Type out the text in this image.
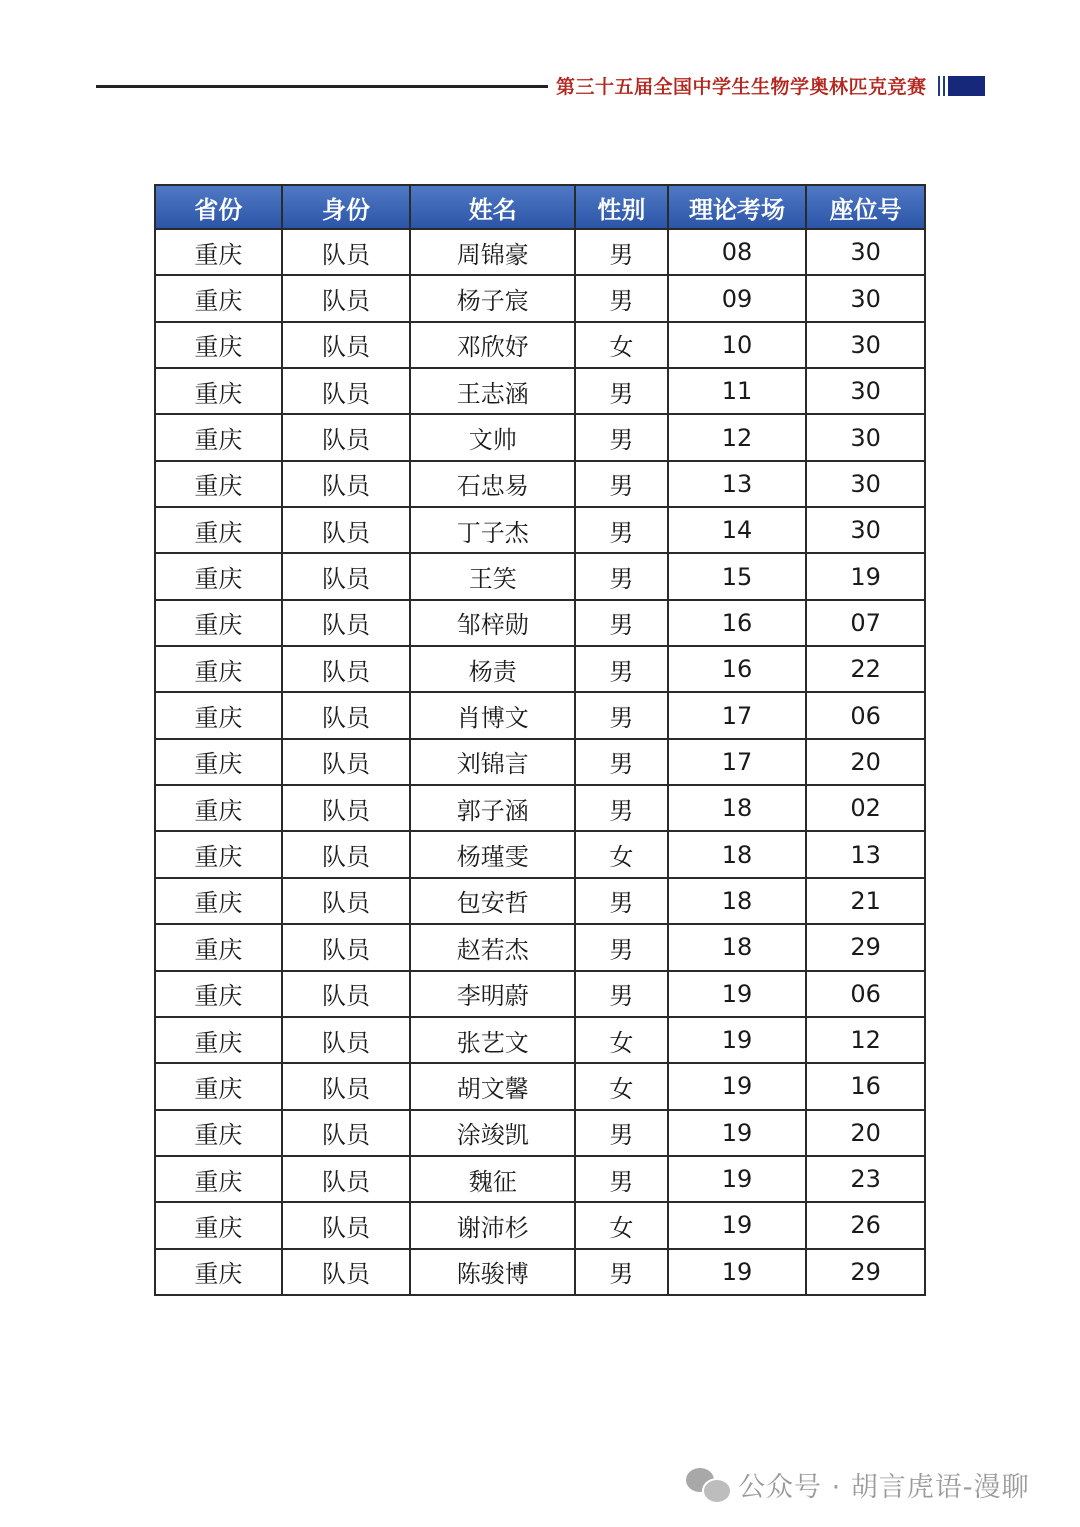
第三十五届全国中学生生物学奥林匹克竞赛
省份	身份	姓名	性别	理论考场	座位号
重庆	队员	周锦豪	男	08	30
重庆	队员	杨子宸	男	09	30
重庆	队员	邓欣妤	女	10	30
重庆	队员	王志涵	男	11	30
重庆	队员	文帅	男	12	30
重庆	队员	石忠易	男	13	30
重庆	队员	丁子杰	男	14	30
重庆	队员	王笑	男	15	19
重庆	队员	邹梓勋	男	16	07
重庆	队员	杨责	男	16	22
重庆	队员	肖博文	男	17	06
重庆	队员	刘锦言	男	17	20
重庆	队员	郭子涵	男	18	02
重庆	队员	杨瑾雯	女	18	13
重庆	队员	包安哲	男	18	21
重庆	队员	赵若杰	男	18	29
重庆	队员	李明蔚	男	19	06
重庆	队员	张艺文	女	19	12
重庆	队员	胡文馨	女	19	16
重庆	队员	涂竣凯	男	19	20
重庆	队员	魏征	男	19	23
重庆	队员	谢沛杉	女	19	26
重庆	队员	陈骏博	男	19	29
公众号 · 胡言虎语-漫聊
